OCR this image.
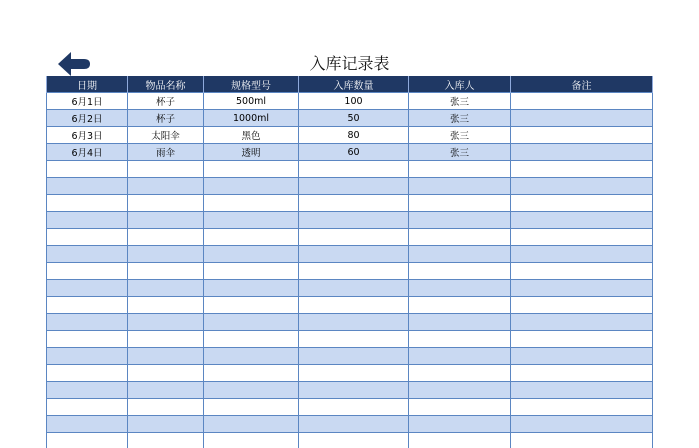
入库记录表
日期	物品名称	规格型号	入库数量	入库人	备注
6月1日	杯子	500ml	100	张三	
6月2日	杯子	1000ml	50	张三	
6月3日	太阳伞	黑色	80	张三	
6月4日	雨伞	透明	60	张三	
